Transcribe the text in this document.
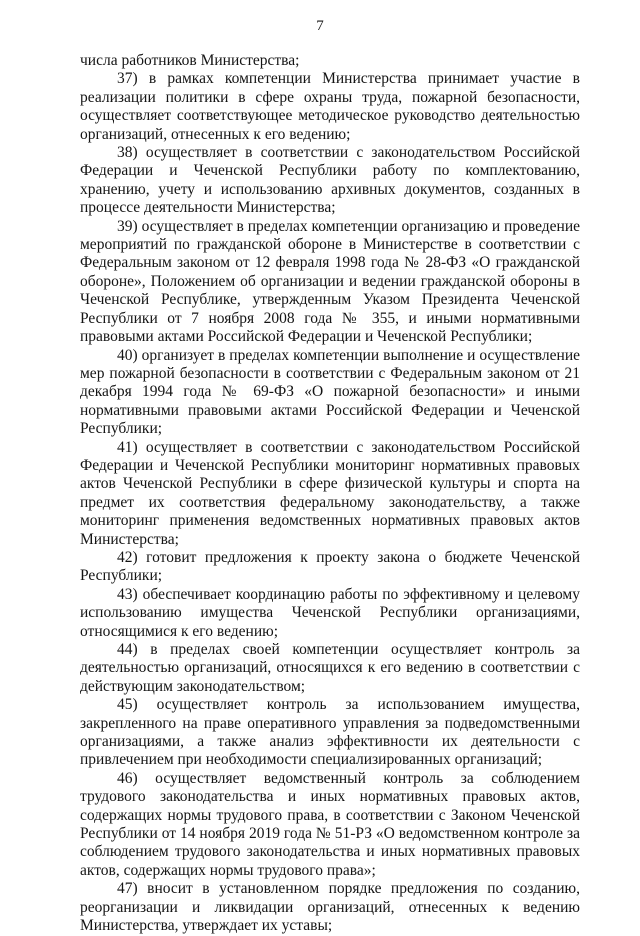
7

числа работников Министерства;

37) в рамках компетенции Министерства принимает участие в реализации политики в сфере охраны труда, пожарной безопасности, осуществляет соответствующее методическое руководство деятельностью организаций, отнесенных к его ведению;

38) осуществляет в соответствии с законодательством Российской Федерации и Чеченской Республики работу по комплектованию, хранению, учету и использованию архивных документов, созданных в процессе деятельности Министерства;

39) осуществляет в пределах компетенции организацию и проведение мероприятий по гражданской обороне в Министерстве в соответствии с Федеральным законом от 12 февраля 1998 года № 28-ФЗ «О гражданской обороне», Положением об организации и ведении гражданской обороны в Чеченской Республике, утвержденным Указом Президента Чеченской Республики от 7 ноября 2008 года № 355, и иными нормативными правовыми актами Российской Федерации и Чеченской Республики;

40) организует в пределах компетенции выполнение и осуществление мер пожарной безопасности в соответствии с Федеральным законом от 21 декабря 1994 года № 69-ФЗ «О пожарной безопасности» и иными нормативными правовыми актами Российской Федерации и Чеченской Республики;

41) осуществляет в соответствии с законодательством Российской Федерации и Чеченской Республики мониторинг нормативных правовых актов Чеченской Республики в сфере физической культуры и спорта на предмет их соответствия федеральному законодательству, а также мониторинг применения ведомственных нормативных правовых актов Министерства;

42) готовит предложения к проекту закона о бюджете Чеченской Республики;

43) обеспечивает координацию работы по эффективному и целевому использованию имущества Чеченской Республики организациями, относящимися к его ведению;

44) в пределах своей компетенции осуществляет контроль за деятельностью организаций, относящихся к его ведению в соответствии с действующим законодательством;

45) осуществляет контроль за использованием имущества, закрепленного на праве оперативного управления за подведомственными организациями, а также анализ эффективности их деятельности с привлечением при необходимости специализированных организаций;

46) осуществляет ведомственный контроль за соблюдением трудового законодательства и иных нормативных правовых актов, содержащих нормы трудового права, в соответствии с Законом Чеченской Республики от 14 ноября 2019 года № 51-РЗ «О ведомственном контроле за соблюдением трудового законодательства и иных нормативных правовых актов, содержащих нормы трудового права»;

47) вносит в установленном порядке предложения по созданию, реорганизации и ликвидации организаций, отнесенных к ведению Министерства, утверждает их уставы;
